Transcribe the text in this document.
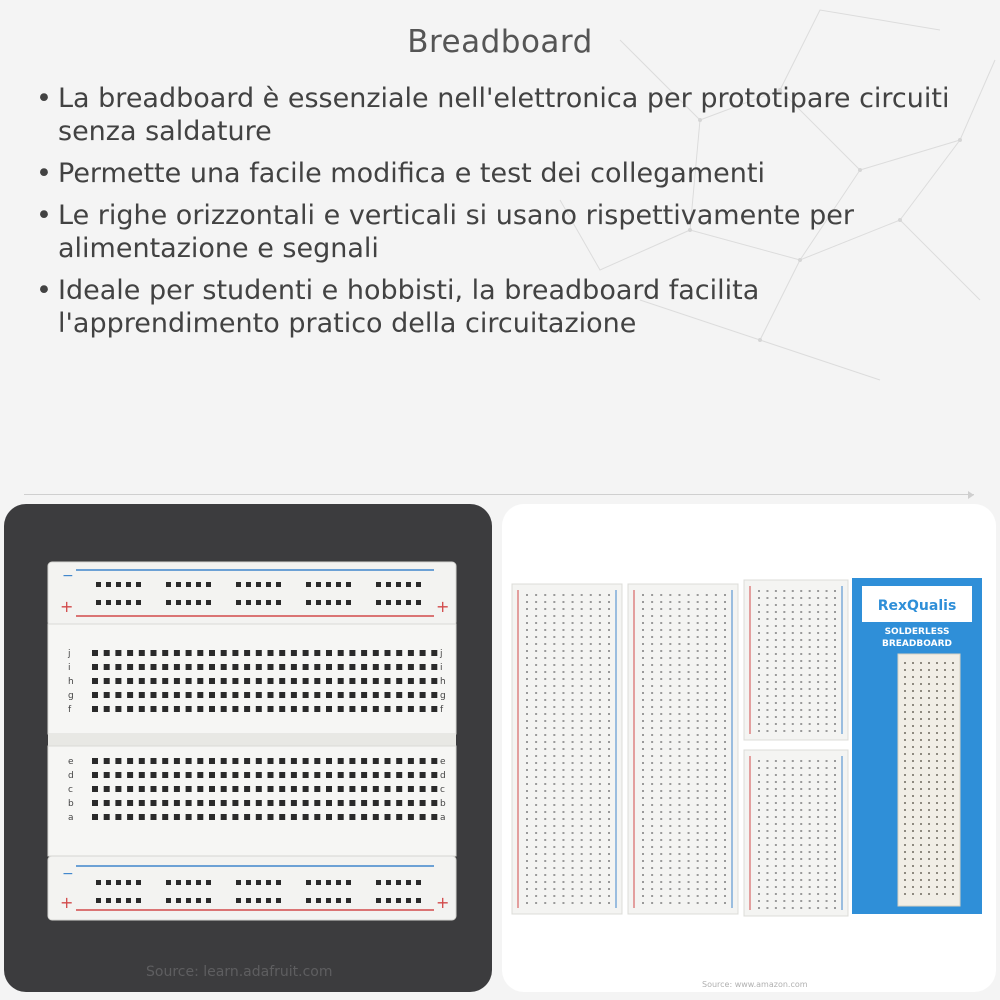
Breadboard
• La breadboard è essenziale nell'elettronica per prototipare circuiti senza saldature
• Permette una facile modifica e test dei collegamenti
• Le righe orizzontali e verticali si usano rispettivamente per alimentazione e segnali
• Ideale per studenti e hobbisti, la breadboard facilita l'apprendimento pratico della circuitazione
+	+
+	+
−
−
j	j
i	i
h	h
g	g
f	f
e	e
d	d
c	c
b	b
a	a
Source: learn.adafruit.com
RexQualis
SOLDERLESS
BREADBOARD
Source: www.amazon.com
